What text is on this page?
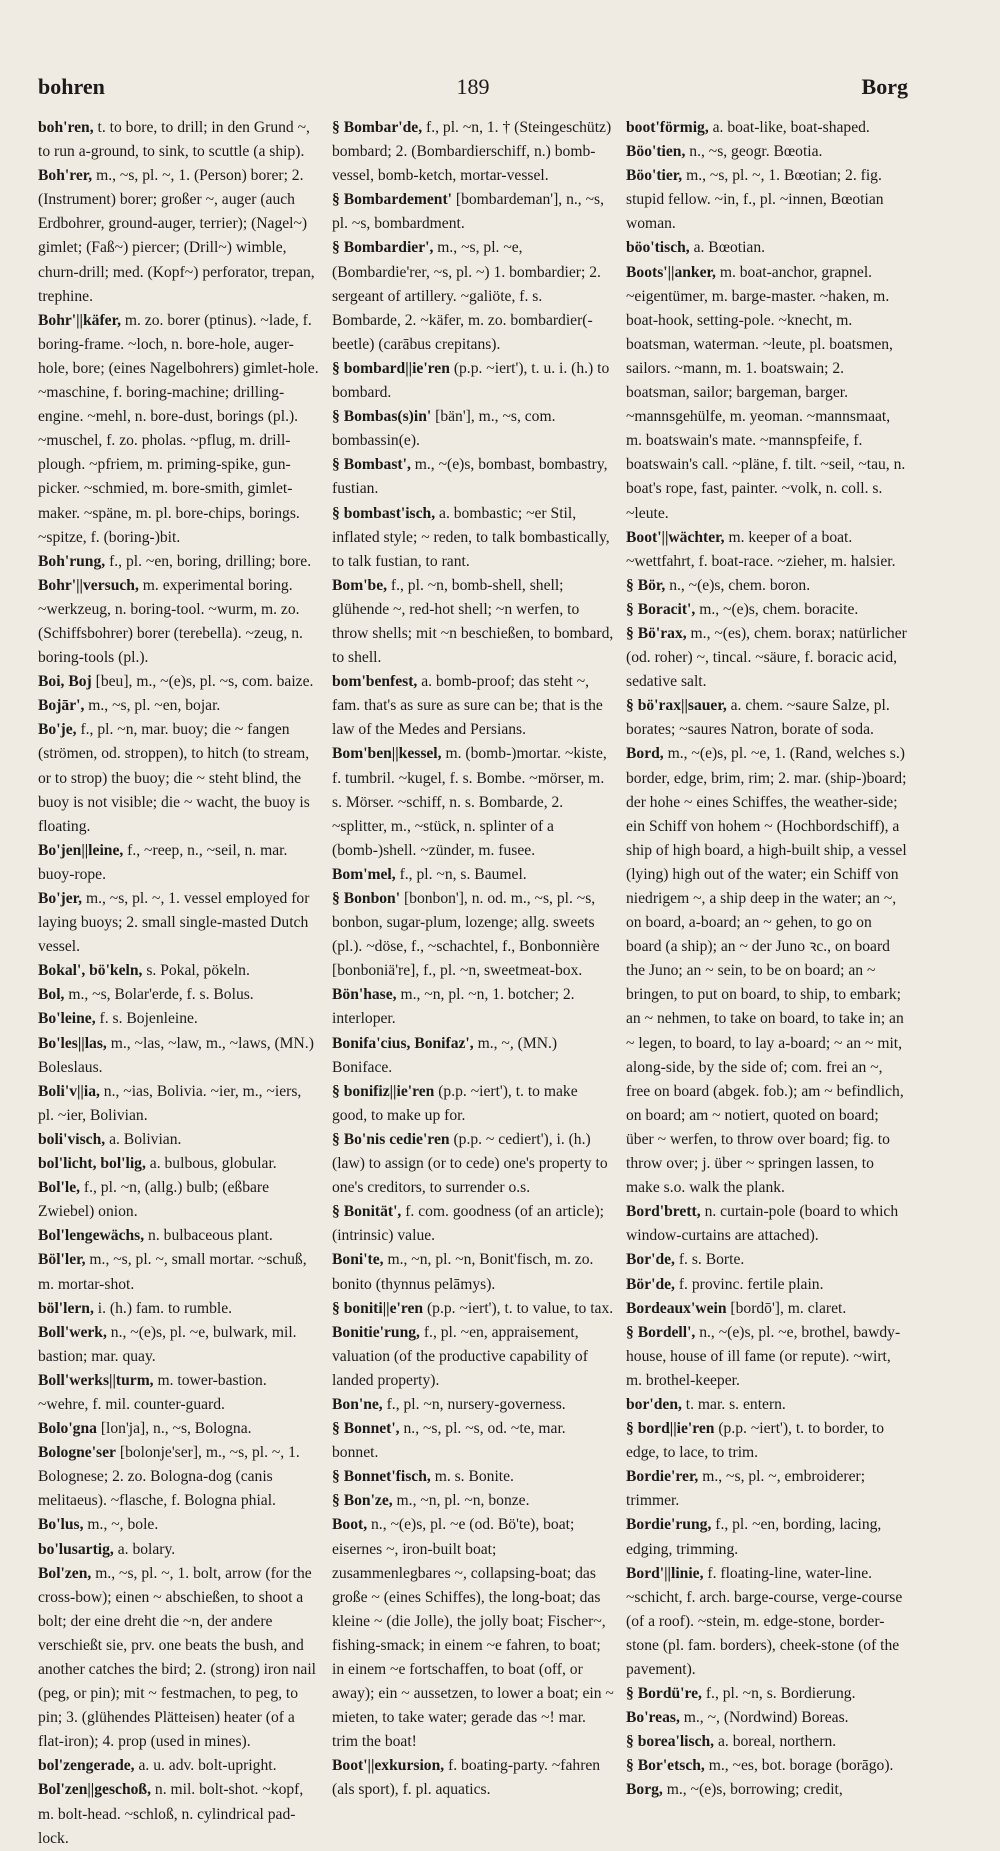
bohren	189	Borg

boh'ren, t. to bore, to drill; in den Grund ~, to run a-ground, to sink, to scuttle (a ship).

Boh'rer, m., ~s, pl. ~, 1. (Person) borer; 2. (Instrument) borer; großer ~, auger (auch Erdbohrer, ground-auger, terrier); (Nagel~) gimlet; (Faß~) piercer; (Drill~) wimble, churn-drill; med. (Kopf~) perforator, trepan, trephine.

Bohr'||käfer, m. zo. borer (ptinus). ~lade, f. boring-frame. ~loch, n. bore-hole, auger-hole, bore; (eines Nagelbohrers) gimlet-hole. ~maschine, f. boring-machine; drilling-engine. ~mehl, n. bore-dust, borings (pl.). ~muschel, f. zo. pholas. ~pflug, m. drill-plough. ~pfriem, m. priming-spike, gun-picker. ~schmied, m. bore-smith, gimlet-maker. ~späne, m. pl. bore-chips, borings. ~spitze, f. (boring-)bit.

Boh'rung, f., pl. ~en, boring, drilling; bore.

Bohr'||versuch, m. experimental boring. ~werkzeug, n. boring-tool. ~wurm, m. zo. (Schiffsbohrer) borer (terebella). ~zeug, n. boring-tools (pl.).

Boi, Boj [beu], m., ~(e)s, pl. ~s, com. baize.

Bojār', m., ~s, pl. ~en, bojar.

Bo'je, f., pl. ~n, mar. buoy; die ~ fangen (strömen, od. stroppen), to hitch (to stream, or to strop) the buoy; die ~ steht blind, the buoy is not visible; die ~ wacht, the buoy is floating.

Bo'jen||leine, f., ~reep, n., ~seil, n. mar. buoy-rope.

Bo'jer, m., ~s, pl. ~, 1. vessel employed for laying buoys; 2. small single-masted Dutch vessel.

Bokal', bö'keln, s. Pokal, pökeln.

Bol, m., ~s, Bolar'erde, f. s. Bolus.

Bo'leine, f. s. Bojenleine.

Bo'les||las, m., ~las, ~law, m., ~laws, (MN.) Boleslaus.

Boli'v||ia, n., ~ias, Bolivia. ~ier, m., ~iers, pl. ~ier, Bolivian.

boli'visch, a. Bolivian.

bol'licht, bol'lig, a. bulbous, globular.

Bol'le, f., pl. ~n, (allg.) bulb; (eßbare Zwiebel) onion.

Bol'lengewächs, n. bulbaceous plant.

Böl'ler, m., ~s, pl. ~, small mortar. ~schuß, m. mortar-shot.

böl'lern, i. (h.) fam. to rumble.

Boll'werk, n., ~(e)s, pl. ~e, bulwark, mil. bastion; mar. quay.

Boll'werks||turm, m. tower-bastion. ~wehre, f. mil. counter-guard.

Bolo'gna [lon'ja], n., ~s, Bologna.

Bologne'ser [bolonje'ser], m., ~s, pl. ~, 1. Bolognese; 2. zo. Bologna-dog (canis melitaeus). ~flasche, f. Bologna phial.

Bo'lus, m., ~, bole.

bo'lusartig, a. bolary.

Bol'zen, m., ~s, pl. ~, 1. bolt, arrow (for the cross-bow); einen ~ abschießen, to shoot a bolt; der eine dreht die ~n, der andere verschießt sie, prv. one beats the bush, and another catches the bird; 2. (strong) iron nail (peg, or pin); mit ~ festmachen, to peg, to pin; 3. (glühendes Plätteisen) heater (of a flat-iron); 4. prop (used in mines).

bol'zengerade, a. u. adv. bolt-upright.

Bol'zen||geschoß, n. mil. bolt-shot. ~kopf, m. bolt-head. ~schloß, n. cylindrical pad-lock.

§ Bombar'de, f., pl. ~n, 1. † (Steingeschütz) bombard; 2. (Bombardierschiff, n.) bomb-vessel, bomb-ketch, mortar-vessel.

§ Bombardement' [bombardeman'], n., ~s, pl. ~s, bombardment.

§ Bombardier', m., ~s, pl. ~e, (Bombardie'rer, ~s, pl. ~) 1. bombardier; 2. sergeant of artillery. ~galiöte, f. s. Bombarde, 2. ~käfer, m. zo. bombardier(-beetle) (carābus crepitans).

§ bombard||ie'ren (p.p. ~iert'), t. u. i. (h.) to bombard.

§ Bombas(s)in' [bän'], m., ~s, com. bombassin(e).

§ Bombast', m., ~(e)s, bombast, bombastry, fustian.

§ bombast'isch, a. bombastic; ~er Stil, inflated style; ~ reden, to talk bombastically, to talk fustian, to rant.

Bom'be, f., pl. ~n, bomb-shell, shell; glühende ~, red-hot shell; ~n werfen, to throw shells; mit ~n beschießen, to bombard, to shell.

bom'benfest, a. bomb-proof; das steht ~, fam. that's as sure as sure can be; that is the law of the Medes and Persians.

Bom'ben||kessel, m. (bomb-)mortar. ~kiste, f. tumbril. ~kugel, f. s. Bombe. ~mörser, m. s. Mörser. ~schiff, n. s. Bombarde, 2. ~splitter, m., ~stück, n. splinter of a (bomb-)shell. ~zünder, m. fusee.

Bom'mel, f., pl. ~n, s. Baumel.

§ Bonbon' [bonbon'], n. od. m., ~s, pl. ~s, bonbon, sugar-plum, lozenge; allg. sweets (pl.). ~döse, f., ~schachtel, f., Bonbonnière [bonboniä're], f., pl. ~n, sweetmeat-box.

Bön'hase, m., ~n, pl. ~n, 1. botcher; 2. interloper.

Bonifa'cius, Bonifaz', m., ~, (MN.) Boniface.

§ bonifiz||ie'ren (p.p. ~iert'), t. to make good, to make up for.

§ Bo'nis cedie'ren (p.p. ~ cediert'), i. (h.) (law) to assign (or to cede) one's property to one's creditors, to surrender o.s.

§ Bonität', f. com. goodness (of an article); (intrinsic) value.

Boni'te, m., ~n, pl. ~n, Bonit'fisch, m. zo. bonito (thynnus pelāmys).

§ boniti||e'ren (p.p. ~iert'), t. to value, to tax.

Bonitie'rung, f., pl. ~en, appraisement, valuation (of the productive capability of landed property).

Bon'ne, f., pl. ~n, nursery-governess.

§ Bonnet', n., ~s, pl. ~s, od. ~te, mar. bonnet.

§ Bonnet'fisch, m. s. Bonite.

§ Bon'ze, m., ~n, pl. ~n, bonze.

Boot, n., ~(e)s, pl. ~e (od. Bö'te), boat; eisernes ~, iron-built boat; zusammenlegbares ~, collapsing-boat; das große ~ (eines Schiffes), the long-boat; das kleine ~ (die Jolle), the jolly boat; Fischer~, fishing-smack; in einem ~e fahren, to boat; in einem ~e fortschaffen, to boat (off, or away); ein ~ aussetzen, to lower a boat; ein ~ mieten, to take water; gerade das ~! mar. trim the boat!

Boot'||exkursion, f. boating-party. ~fahren (als sport), f. pl. aquatics.

boot'förmig, a. boat-like, boat-shaped.

Böo'tien, n., ~s, geogr. Bœotia.

Böo'tier, m., ~s, pl. ~, 1. Bœotian; 2. fig. stupid fellow. ~in, f., pl. ~innen, Bœotian woman.

böo'tisch, a. Bœotian.

Boots'||anker, m. boat-anchor, grapnel. ~eigentümer, m. barge-master. ~haken, m. boat-hook, setting-pole. ~knecht, m. boatsman, waterman. ~leute, pl. boatsmen, sailors. ~mann, m. 1. boatswain; 2. boatsman, sailor; bargeman, barger. ~mannsgehülfe, m. yeoman. ~mannsmaat, m. boatswain's mate. ~mannspfeife, f. boatswain's call. ~pläne, f. tilt. ~seil, ~tau, n. boat's rope, fast, painter. ~volk, n. coll. s. ~leute.

Boot'||wächter, m. keeper of a boat. ~wettfahrt, f. boat-race. ~zieher, m. halsier.

§ Bör, n., ~(e)s, chem. boron.

§ Boracit', m., ~(e)s, chem. boracite.

§ Bö'rax, m., ~(es), chem. borax; natürlicher (od. roher) ~, tincal. ~säure, f. boracic acid, sedative salt.

§ bö'rax||sauer, a. chem. ~saure Salze, pl. borates; ~saures Natron, borate of soda.

Bord, m., ~(e)s, pl. ~e, 1. (Rand, welches s.) border, edge, brim, rim; 2. mar. (ship-)board; der hohe ~ eines Schiffes, the weather-side; ein Schiff von hohem ~ (Hochbordschiff), a ship of high board, a high-built ship, a vessel (lying) high out of the water; ein Schiff von niedrigem ~, a ship deep in the water; an ~, on board, a-board; an ~ gehen, to go on board (a ship); an ~ der Juno ꝛc., on board the Juno; an ~ sein, to be on board; an ~ bringen, to put on board, to ship, to embark; an ~ nehmen, to take on board, to take in; an ~ legen, to board, to lay a-board; ~ an ~ mit, along-side, by the side of; com. frei an ~, free on board (abgek. fob.); am ~ befindlich, on board; am ~ notiert, quoted on board; über ~ werfen, to throw over board; fig. to throw over; j. über ~ springen lassen, to make s.o. walk the plank.

Bord'brett, n. curtain-pole (board to which window-curtains are attached).

Bor'de, f. s. Borte.

Bör'de, f. provinc. fertile plain.

Bordeaux'wein [bordō'], m. claret.

§ Bordell', n., ~(e)s, pl. ~e, brothel, bawdy-house, house of ill fame (or repute). ~wirt, m. brothel-keeper.

bor'den, t. mar. s. entern.

§ bord||ie'ren (p.p. ~iert'), t. to border, to edge, to lace, to trim.

Bordie'rer, m., ~s, pl. ~, embroiderer; trimmer.

Bordie'rung, f., pl. ~en, bording, lacing, edging, trimming.

Bord'||linie, f. floating-line, water-line. ~schicht, f. arch. barge-course, verge-course (of a roof). ~stein, m. edge-stone, border-stone (pl. fam. borders), cheek-stone (of the pavement).

§ Bordü're, f., pl. ~n, s. Bordierung.

Bo'reas, m., ~, (Nordwind) Boreas.

§ borea'lisch, a. boreal, northern.

§ Bor'etsch, m., ~es, bot. borage (borāgo).

Borg, m., ~(e)s, borrowing; credit,
